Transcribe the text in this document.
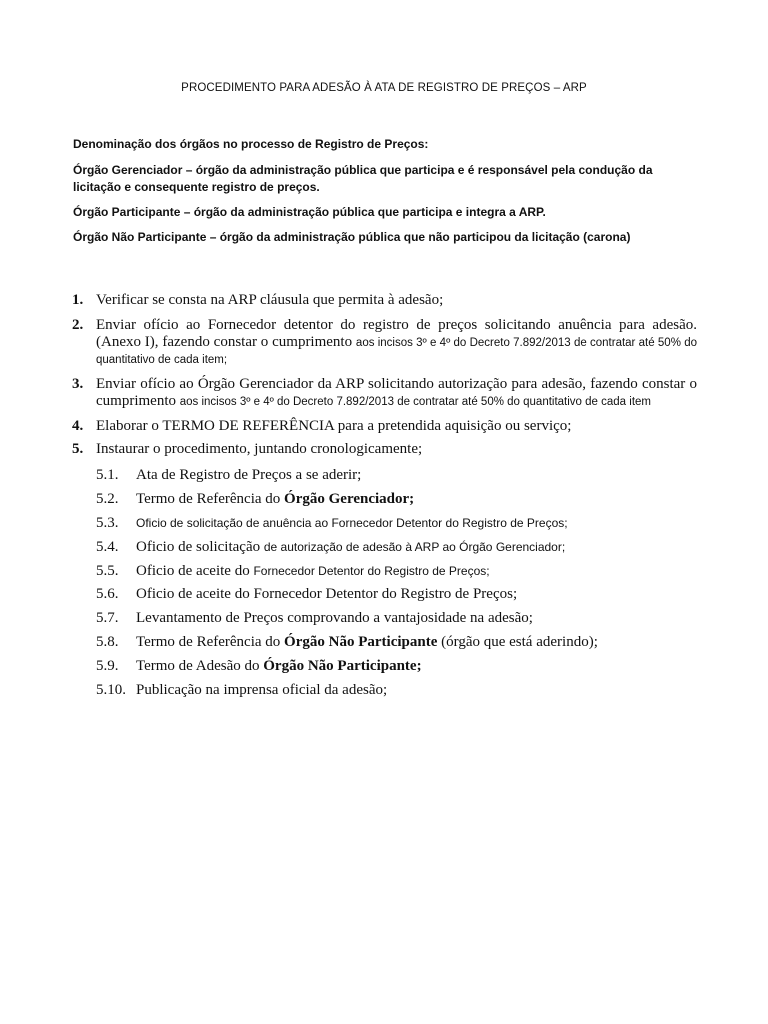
PROCEDIMENTO PARA ADESÃO À ATA DE REGISTRO DE PREÇOS – ARP

Denominação dos órgãos no processo de Registro de Preços:

Órgão Gerenciador – órgão da administração pública que participa e é responsável pela condução da licitação e consequente registro de preços.

Órgão Participante – órgão da administração pública que participa e integra a ARP.

Órgão Não Participante – órgão da administração pública que não participou da licitação (carona)

1. Verificar se consta na ARP cláusula que permita à adesão;
2. Enviar ofício ao Fornecedor detentor do registro de preços solicitando anuência para adesão. (Anexo I), fazendo constar o cumprimento aos incisos 3º e 4º do Decreto 7.892/2013 de contratar até 50% do quantitativo de cada item;
3. Enviar ofício ao Órgão Gerenciador da ARP solicitando autorização para adesão, fazendo constar o cumprimento aos incisos 3º e 4º do Decreto 7.892/2013 de contratar até 50% do quantitativo de cada item
4. Elaborar o TERMO DE REFERÊNCIA para a pretendida aquisição ou serviço;
5. Instaurar o procedimento, juntando cronologicamente;
5.1.	Ata de Registro de Preços a se aderir;
5.2.	Termo de Referência do Órgão Gerenciador;
5.3.	Oficio de solicitação de anuência ao Fornecedor Detentor do Registro de Preços;
5.4.	Oficio de solicitação de autorização de adesão à ARP ao Órgão Gerenciador;
5.5.	Oficio de aceite do Fornecedor Detentor do Registro de Preços;
5.6.	Oficio de aceite do Fornecedor Detentor do Registro de Preços;
5.7.	Levantamento de Preços comprovando a vantajosidade na adesão;
5.8.	Termo de Referência do Órgão Não Participante (órgão que está aderindo);
5.9.	Termo de Adesão do Órgão Não Participante;
5.10. Publicação na imprensa oficial da adesão;
